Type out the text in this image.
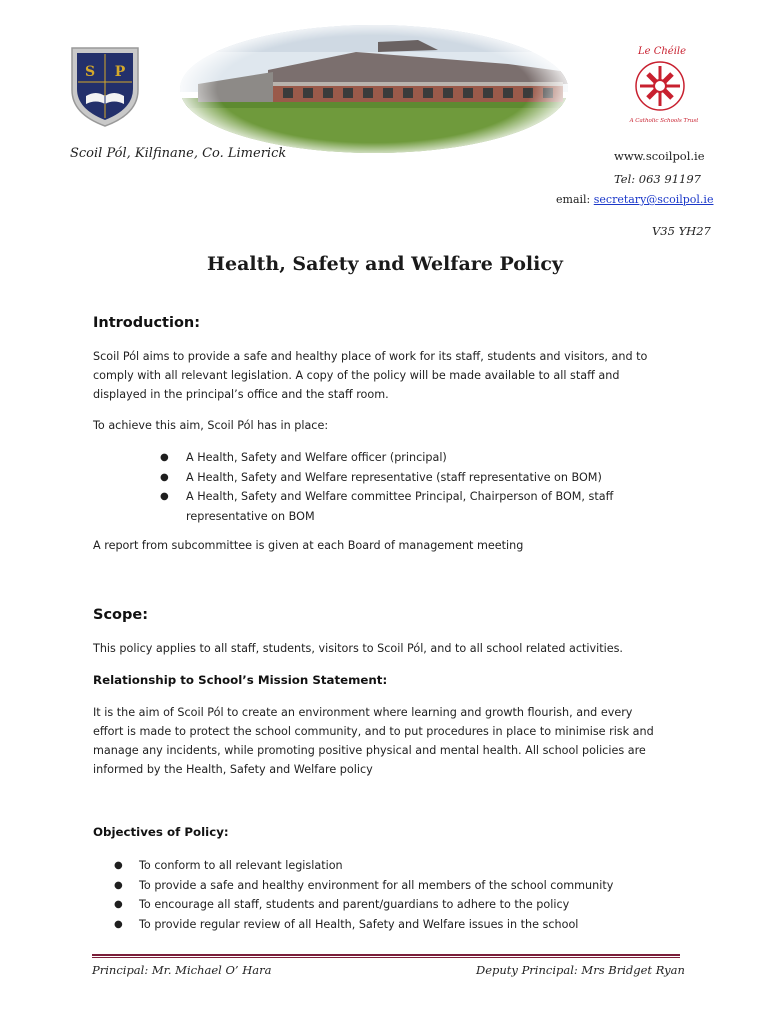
S P
Le Chéile
A Catholic Schools Trust
Scoil Pól, Kilfinane, Co. Limerick	www.scoilpol.ie
Tel: 063 91197
email: secretary@scoilpol.ie
V35 YH27
Health, Safety and Welfare Policy
Introduction:
Scoil Pól aims to provide a safe and healthy place of work for its staff, students and visitors, and to
comply with all relevant legislation. A copy of the policy will be made available to all staff and
displayed in the principal’s office and the staff room.
To achieve this aim, Scoil Pól has in place:
● A Health, Safety and Welfare officer (principal)
● A Health, Safety and Welfare representative (staff representative on BOM)
● A Health, Safety and Welfare committee Principal, Chairperson of BOM, staff
representative on BOM
A report from subcommittee is given at each Board of management meeting
Scope:
This policy applies to all staff, students, visitors to Scoil Pól, and to all school related activities.
Relationship to School’s Mission Statement:
It is the aim of Scoil Pól to create an environment where learning and growth flourish, and every
effort is made to protect the school community, and to put procedures in place to minimise risk and
manage any incidents, while promoting positive physical and mental health. All school policies are
informed by the Health, Safety and Welfare policy
Objectives of Policy:
● To conform to all relevant legislation
● To provide a safe and healthy environment for all members of the school community
● To encourage all staff, students and parent/guardians to adhere to the policy
● To provide regular review of all Health, Safety and Welfare issues in the school
Principal: Mr. Michael O’ Hara	Deputy Principal: Mrs Bridget Ryan
